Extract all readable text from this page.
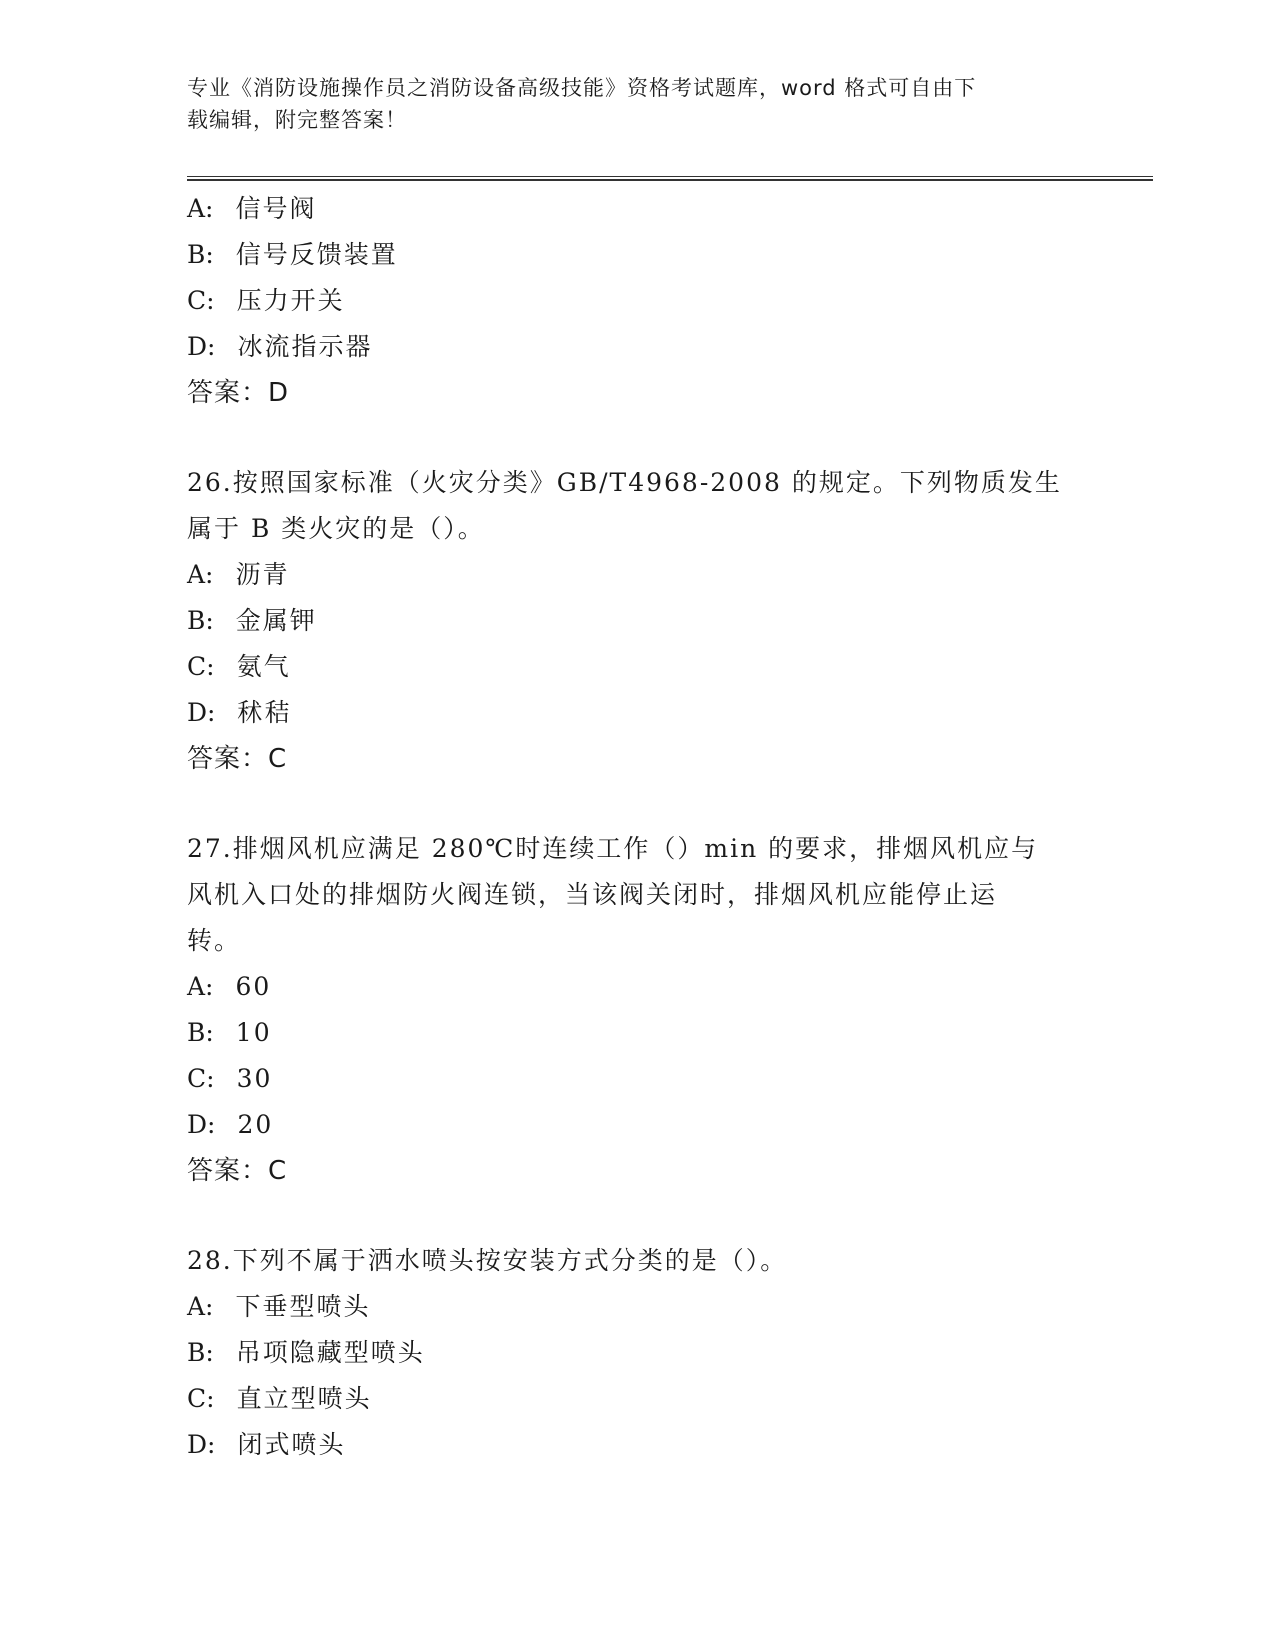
专业《消防设施操作员之消防设备高级技能》资格考试题库，word 格式可自由下
载编辑，附完整答案！
A: 信号阀
B: 信号反馈装置
C: 压力开关
D: 冰流指示器
答案：D
26.按照国家标准（火灾分类》GB/T4968-2008 的规定。下列物质发生
属于 B 类火灾的是（）。
A: 沥青
B: 金属钾
C: 氨气
D: 秫秸
答案：C
27.排烟风机应满足 280℃时连续工作（）min 的要求，排烟风机应与
风机入口处的排烟防火阀连锁，当该阀关闭时，排烟风机应能停止运
转。
A: 60
B: 10
C: 30
D: 20
答案：C
28.下列不属于洒水喷头按安装方式分类的是（）。
A: 下垂型喷头
B: 吊项隐藏型喷头
C: 直立型喷头
D: 闭式喷头
